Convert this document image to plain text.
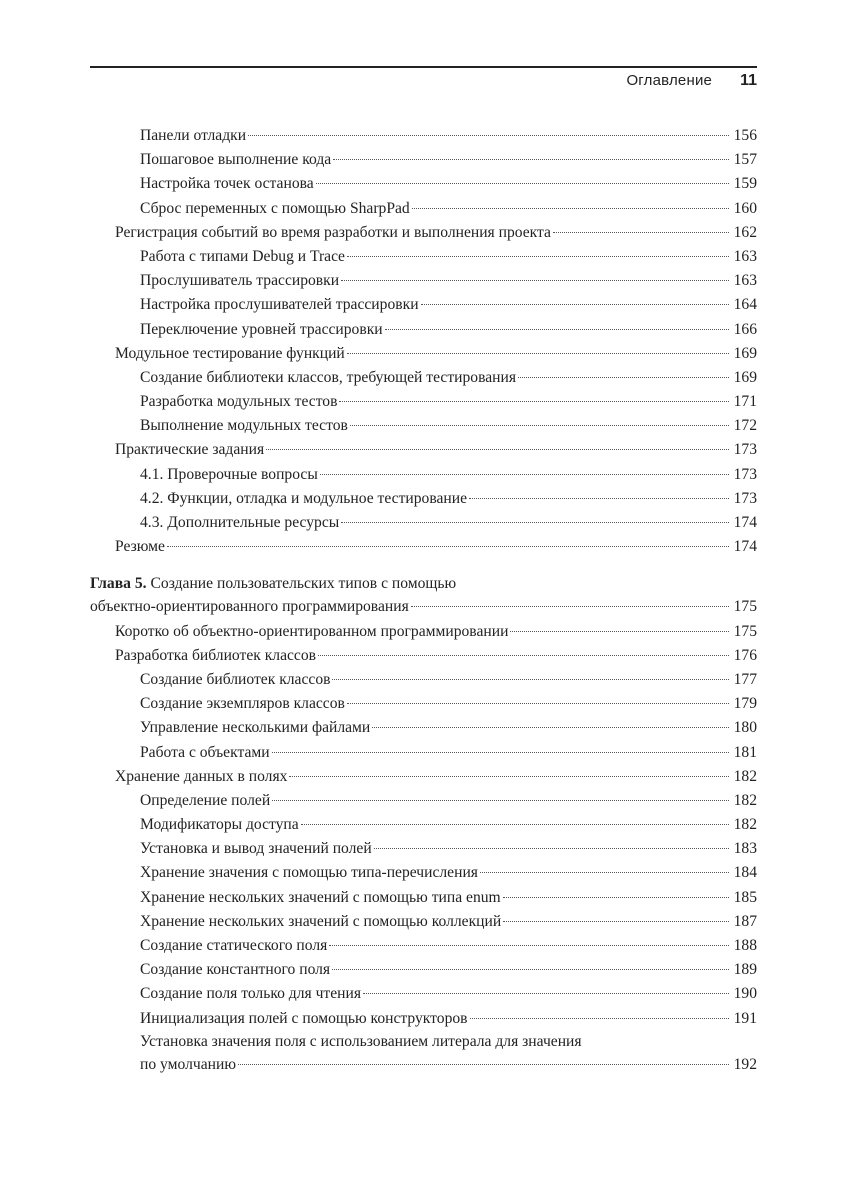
Оглавление 11
Панели отладки	156
Пошаговое выполнение кода	157
Настройка точек останова	159
Сброс переменных с помощью SharpPad	160
Регистрация событий во время разработки и выполнения проекта	162
Работа с типами Debug и Trace	163
Прослушиватель трассировки	163
Настройка прослушивателей трассировки	164
Переключение уровней трассировки	166
Модульное тестирование функций	169
Создание библиотеки классов, требующей тестирования	169
Разработка модульных тестов	171
Выполнение модульных тестов	172
Практические задания	173
4.1. Проверочные вопросы	173
4.2. Функции, отладка и модульное тестирование	173
4.3. Дополнительные ресурсы	174
Резюме	174
Глава 5. Создание пользовательских типов с помощью
объектно-ориентированного программирования	175
Коротко об объектно-ориентированном программировании	175
Разработка библиотек классов	176
Создание библиотек классов	177
Создание экземпляров классов	179
Управление несколькими файлами	180
Работа с объектами	181
Хранение данных в полях	182
Определение полей	182
Модификаторы доступа	182
Установка и вывод значений полей	183
Хранение значения с помощью типа-перечисления	184
Хранение нескольких значений с помощью типа enum	185
Хранение нескольких значений с помощью коллекций	187
Создание статического поля	188
Создание константного поля	189
Создание поля только для чтения	190
Инициализация полей с помощью конструкторов	191
Установка значения поля с использованием литерала для значения
по умолчанию	192
